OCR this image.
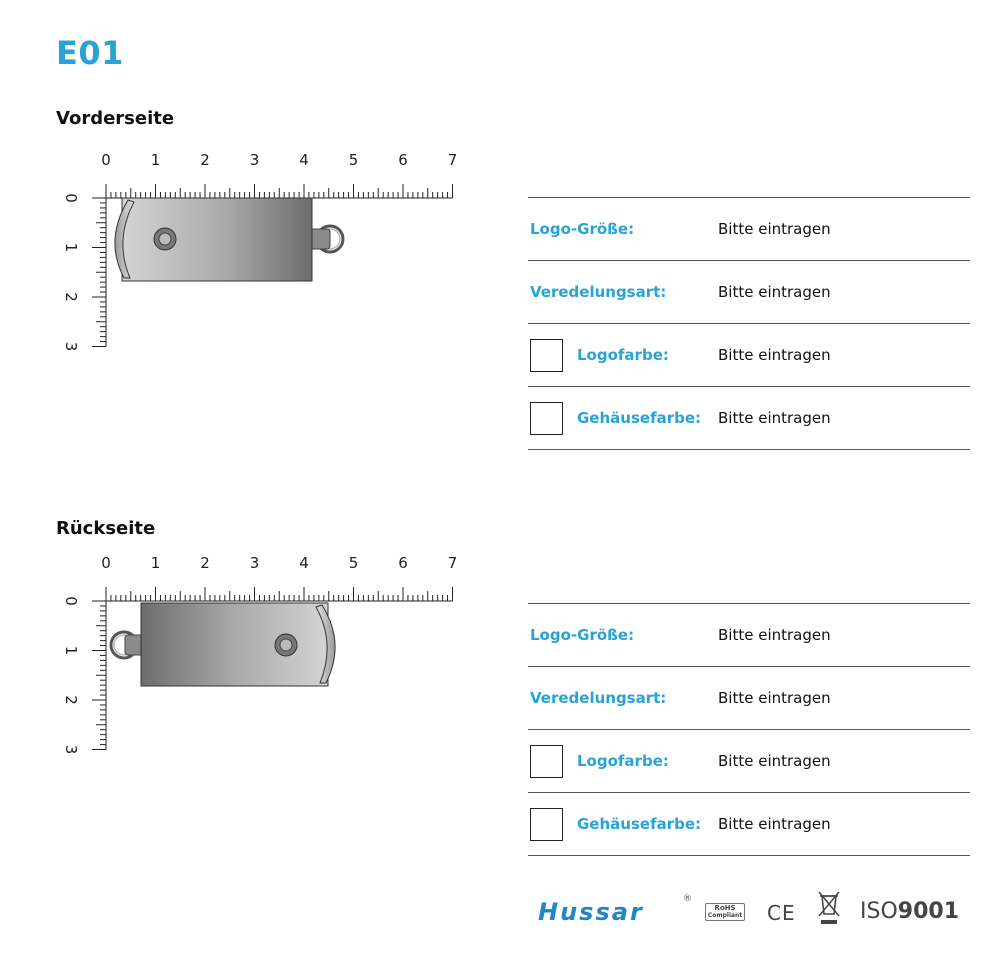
E01
Vorderseite
0	1	2	3	4	5	6	7
0
1
2
3
Logo-Größe:	Bitte eintragen
Veredelungsart:	Bitte eintragen
Logofarbe:	Bitte eintragen
Gehäusefarbe: Bitte eintragen
Rückseite
0	1	2	3	4	5	6	7
0
1
2
3
Logo-Größe:	Bitte eintragen
Veredelungsart:	Bitte eintragen
Logofarbe:	Bitte eintragen
Gehäusefarbe: Bitte eintragen
Hussar	®
RoHS
Compliant CE	ISO9001
